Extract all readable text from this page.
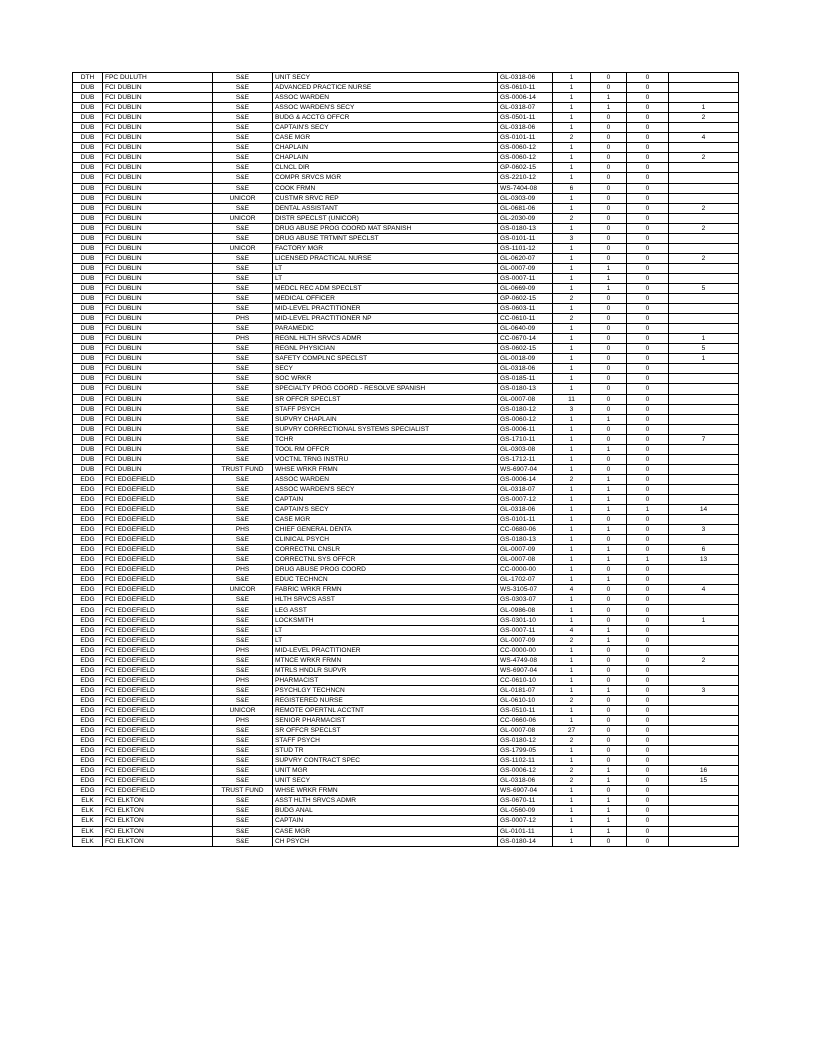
DTH	FPC DULUTH	S&E	UNIT SECY	GL-0318-06	1	0	0	
DUB	FCI DUBLIN	S&E	ADVANCED PRACTICE NURSE	GS-0610-11	1	0	0	
DUB	FCI DUBLIN	S&E	ASSOC WARDEN	GS-0006-14	1	1	0	
DUB	FCI DUBLIN	S&E	ASSOC WARDEN'S SECY	GL-0318-07	1	1	0	1
DUB	FCI DUBLIN	S&E	BUDG & ACCTG OFFCR	GS-0501-11	1	0	0	2
DUB	FCI DUBLIN	S&E	CAPTAIN'S SECY	GL-0318-06	1	0	0	
DUB	FCI DUBLIN	S&E	CASE MGR	GS-0101-11	2	0	0	4
DUB	FCI DUBLIN	S&E	CHAPLAIN	GS-0060-12	1	0	0	
DUB	FCI DUBLIN	S&E	CHAPLAIN	GS-0060-12	1	0	0	2
DUB	FCI DUBLIN	S&E	CLNCL DIR	GP-0602-15	1	0	0	
DUB	FCI DUBLIN	S&E	COMPR SRVCS MGR	GS-2210-12	1	0	0	
DUB	FCI DUBLIN	S&E	COOK FRMN	WS-7404-08	6	0	0	
DUB	FCI DUBLIN	UNICOR	CUSTMR SRVC REP	GL-0303-09	1	0	0	
DUB	FCI DUBLIN	S&E	DENTAL ASSISTANT	GL-0681-06	1	0	0	2
DUB	FCI DUBLIN	UNICOR	DISTR SPECLST (UNICOR)	GL-2030-09	2	0	0	
DUB	FCI DUBLIN	S&E	DRUG ABUSE PROG COORD MAT SPANISH	GS-0180-13	1	0	0	2
DUB	FCI DUBLIN	S&E	DRUG ABUSE TRTMNT SPECLST	GS-0101-11	3	0	0	
DUB	FCI DUBLIN	UNICOR	FACTORY MGR	GS-1101-12	1	0	0	
DUB	FCI DUBLIN	S&E	LICENSED PRACTICAL NURSE	GL-0620-07	1	0	0	2
DUB	FCI DUBLIN	S&E	LT	GL-0007-09	1	1	0	
DUB	FCI DUBLIN	S&E	LT	GS-0007-11	1	1	0	
DUB	FCI DUBLIN	S&E	MEDCL REC ADM SPECLST	GL-0669-09	1	1	0	5
DUB	FCI DUBLIN	S&E	MEDICAL OFFICER	GP-0602-15	2	0	0	
DUB	FCI DUBLIN	S&E	MID-LEVEL PRACTITIONER	GS-0603-11	1	0	0	
DUB	FCI DUBLIN	PHS	MID-LEVEL PRACTITIONER NP	CC-0610-11	2	0	0	
DUB	FCI DUBLIN	S&E	PARAMEDIC	GL-0640-09	1	0	0	
DUB	FCI DUBLIN	PHS	REGNL HLTH SRVCS ADMR	CC-0670-14	1	0	0	1
DUB	FCI DUBLIN	S&E	REGNL PHYSICIAN	GS-0602-15	1	0	0	5
DUB	FCI DUBLIN	S&E	SAFETY COMPLNC SPECLST	GL-0018-09	1	0	0	1
DUB	FCI DUBLIN	S&E	SECY	GL-0318-06	1	0	0	
DUB	FCI DUBLIN	S&E	SOC WRKR	GS-0185-11	1	0	0	
DUB	FCI DUBLIN	S&E	SPECIALTY PROG COORD - RESOLVE SPANISH	GS-0180-13	1	0	0	
DUB	FCI DUBLIN	S&E	SR OFFCR SPECLST	GL-0007-08	11	0	0	
DUB	FCI DUBLIN	S&E	STAFF PSYCH	GS-0180-12	3	0	0	
DUB	FCI DUBLIN	S&E	SUPVRY CHAPLAIN	GS-0060-12	1	1	0	
DUB	FCI DUBLIN	S&E	SUPVRY CORRECTIONAL SYSTEMS SPECIALIST	GS-0006-11	1	0	0	
DUB	FCI DUBLIN	S&E	TCHR	GS-1710-11	1	0	0	7
DUB	FCI DUBLIN	S&E	TOOL RM OFFCR	GL-0303-08	1	1	0	
DUB	FCI DUBLIN	S&E	VOCTNL TRNG INSTRU	GS-1712-11	1	0	0	
DUB	FCI DUBLIN	TRUST FUND	WHSE WRKR FRMN	WS-6907-04	1	0	0	
EDG	FCI EDGEFIELD	S&E	ASSOC WARDEN	GS-0006-14	2	1	0	
EDG	FCI EDGEFIELD	S&E	ASSOC WARDEN'S SECY	GL-0318-07	1	1	0	
EDG	FCI EDGEFIELD	S&E	CAPTAIN	GS-0007-12	1	1	0	
EDG	FCI EDGEFIELD	S&E	CAPTAIN'S SECY	GL-0318-06	1	1	1	14
EDG	FCI EDGEFIELD	S&E	CASE MGR	GS-0101-11	1	0	0	
EDG	FCI EDGEFIELD	PHS	CHIEF GENERAL DENTA	CC-0680-06	1	1	0	3
EDG	FCI EDGEFIELD	S&E	CLINICAL PSYCH	GS-0180-13	1	0	0	
EDG	FCI EDGEFIELD	S&E	CORRECTNL CNSLR	GL-0007-09	1	1	0	6
EDG	FCI EDGEFIELD	S&E	CORRECTNL SYS OFFCR	GL-0007-08	1	1	1	13
EDG	FCI EDGEFIELD	PHS	DRUG ABUSE PROG COORD	CC-0000-00	1	0	0	
EDG	FCI EDGEFIELD	S&E	EDUC TECHNCN	GL-1702-07	1	1	0	
EDG	FCI EDGEFIELD	UNICOR	FABRIC WRKR FRMN	WS-3105-07	4	0	0	4
EDG	FCI EDGEFIELD	S&E	HLTH SRVCS ASST	GS-0303-07	1	0	0	
EDG	FCI EDGEFIELD	S&E	LEG ASST	GL-0986-08	1	0	0	
EDG	FCI EDGEFIELD	S&E	LOCKSMITH	GS-0301-10	1	0	0	1
EDG	FCI EDGEFIELD	S&E	LT	GS-0007-11	4	1	0	
EDG	FCI EDGEFIELD	S&E	LT	GL-0007-09	2	1	0	
EDG	FCI EDGEFIELD	PHS	MID-LEVEL PRACTITIONER	CC-0000-00	1	0	0	
EDG	FCI EDGEFIELD	S&E	MTNCE WRKR FRMN	WS-4749-08	1	0	0	2
EDG	FCI EDGEFIELD	S&E	MTRLS HNDLR SUPVR	WS-6907-04	1	0	0	
EDG	FCI EDGEFIELD	PHS	PHARMACIST	CC-0610-10	1	0	0	
EDG	FCI EDGEFIELD	S&E	PSYCHLGY TECHNCN	GL-0181-07	1	1	0	3
EDG	FCI EDGEFIELD	S&E	REGISTERED NURSE	GL-0610-10	2	0	0	
EDG	FCI EDGEFIELD	UNICOR	REMOTE OPERTNL ACCTNT	GS-0510-11	1	0	0	
EDG	FCI EDGEFIELD	PHS	SENIOR PHARMACIST	CC-0660-06	1	0	0	
EDG	FCI EDGEFIELD	S&E	SR OFFCR SPECLST	GL-0007-08	27	0	0	
EDG	FCI EDGEFIELD	S&E	STAFF PSYCH	GS-0180-12	2	0	0	
EDG	FCI EDGEFIELD	S&E	STUD TR	GS-1799-05	1	0	0	
EDG	FCI EDGEFIELD	S&E	SUPVRY CONTRACT SPEC	GS-1102-11	1	0	0	
EDG	FCI EDGEFIELD	S&E	UNIT MGR	GS-0006-12	2	1	0	16
EDG	FCI EDGEFIELD	S&E	UNIT SECY	GL-0318-06	2	1	0	15
EDG	FCI EDGEFIELD	TRUST FUND	WHSE WRKR FRMN	WS-6907-04	1	0	0	
ELK	FCI ELKTON	S&E	ASST HLTH SRVCS ADMR	GS-0670-11	1	1	0	
ELK	FCI ELKTON	S&E	BUDG ANAL	GL-0560-09	1	1	0	
ELK	FCI ELKTON	S&E	CAPTAIN	GS-0007-12	1	1	0	
ELK	FCI ELKTON	S&E	CASE MGR	GL-0101-11	1	1	0	
ELK	FCI ELKTON	S&E	CH PSYCH	GS-0180-14	1	0	0	
